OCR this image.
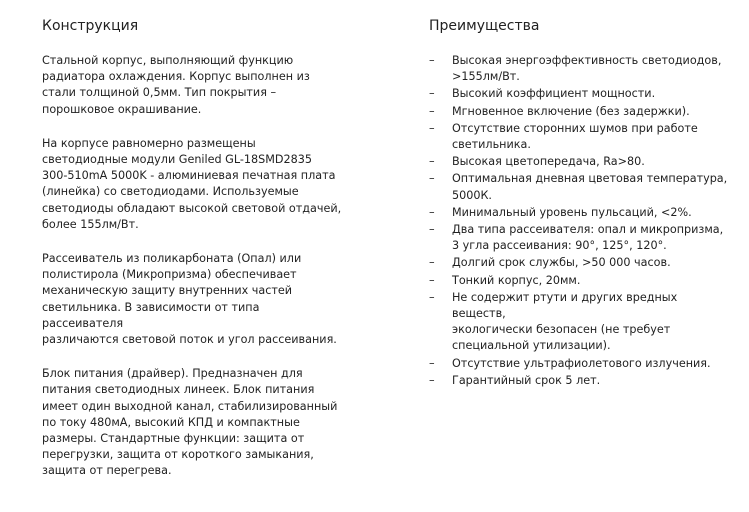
Конструкция

Стальной корпус, выполняющий функцию
радиатора охлаждения. Корпус выполнен из
стали толщиной 0,5мм. Тип покрытия –
порошковое окрашивание.

На корпусе равномерно размещены
светодиодные модули Geniled GL-18SMD2835
300-510mA 5000K - алюминиевая печатная плата
(линейка) со светодиодами. Используемые
светодиоды обладают высокой световой отдачей,
более 155лм/Вт.

Рассеиватель из поликарбоната (Опал) или
полистирола (Микропризма) обеспечивает
механическую защиту внутренних частей
светильника. В зависимости от типа рассеивателя
различаются световой поток и угол рассеивания.

Блок питания (драйвер). Предназначен для
питания светодиодных линеек. Блок питания
имеет один выходной канал, стабилизированный
по току 480мА, высокий КПД и компактные
размеры. Стандартные функции: защита от
перегрузки, защита от короткого замыкания,
защита от перегрева.

Преимущества
–	Высокая энергоэффективность светодиодов,
>155лм/Вт.
–	Высокий коэффициент мощности.
–	Мгновенное включение (без задержки).
–	Отсутствие сторонних шумов при работе
светильника.
–	Высокая цветопередача, Ra>80.
–	Оптимальная дневная цветовая температура,
5000К.
–	Минимальный уровень пульсаций, <2%.
–	Два типа рассеивателя: опал и микропризма,
3 угла рассеивания: 90°, 125°, 120°.
–	Долгий срок службы, >50 000 часов.
–	Тонкий корпус, 20мм.
–	Не содержит ртути и других вредных веществ,
экологически безопасен (не требует
специальной утилизации).
–	Отсутствие ультрафиолетового излучения.
–	Гарантийный срок 5 лет.
